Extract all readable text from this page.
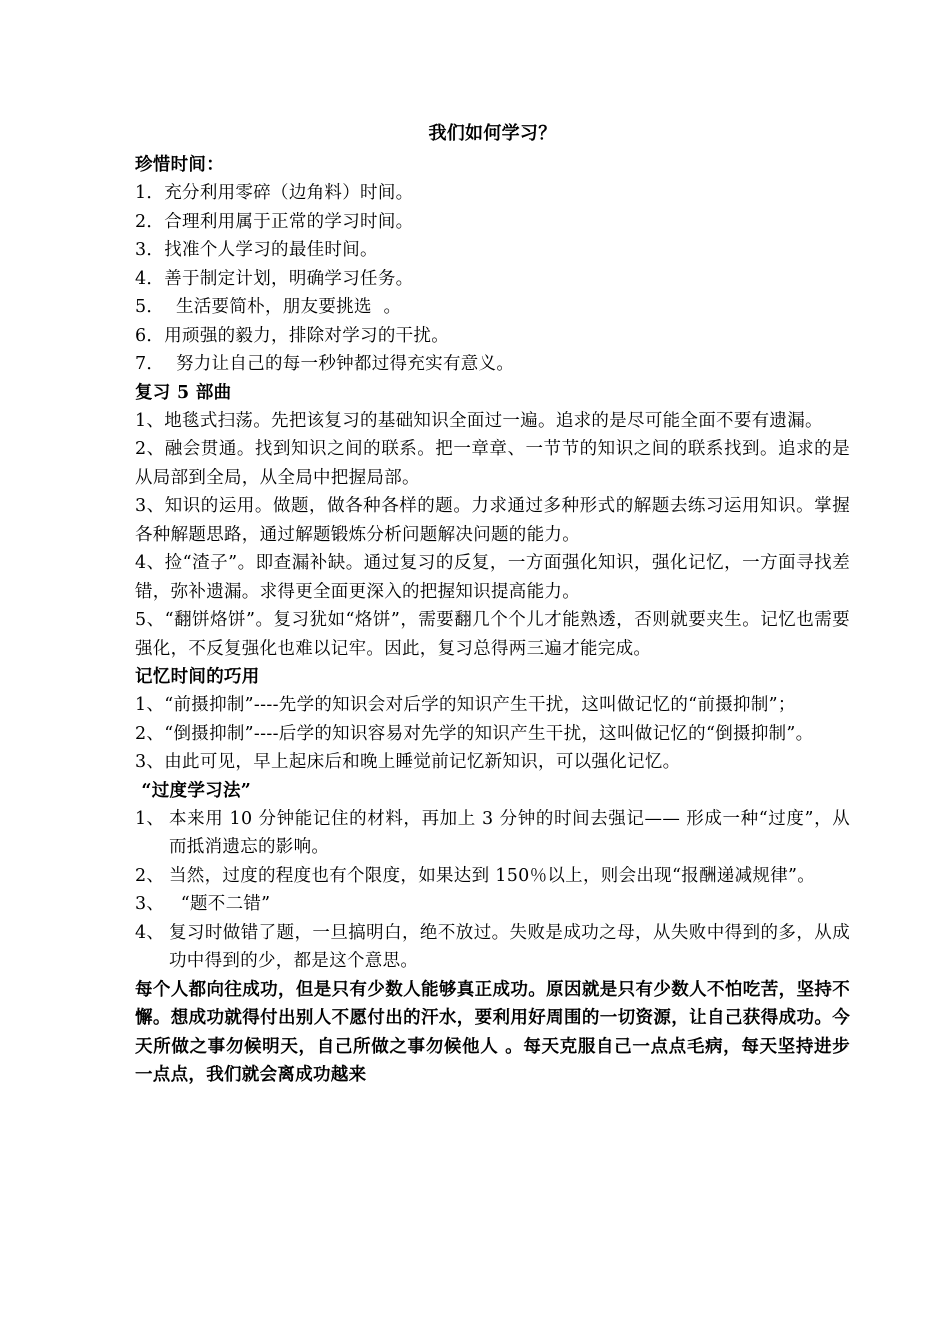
我们如何学习？

珍惜时间：

1．充分利用零碎（边角料）时间。

2．合理利用属于正常的学习时间。

3．找准个人学习的最佳时间。

4．善于制定计划，明确学习任务。

5．  生活要简朴，朋友要挑选  。

6．用顽强的毅力，排除对学习的干扰。

7．  努力让自己的每一秒钟都过得充实有意义。

复习 5 部曲

1、地毯式扫荡。先把该复习的基础知识全面过一遍。追求的是尽可能全面不要有遗漏。

2、融会贯通。找到知识之间的联系。把一章章、一节节的知识之间的联系找到。追求的是从局部到全局，从全局中把握局部。

3、知识的运用。做题，做各种各样的题。力求通过多种形式的解题去练习运用知识。掌握各种解题思路，通过解题锻炼分析问题解决问题的能力。

4、捡“渣子”。即查漏补缺。通过复习的反复，一方面强化知识，强化记忆，一方面寻找差错，弥补遗漏。求得更全面更深入的把握知识提高能力。

5、“翻饼烙饼”。复习犹如“烙饼”，需要翻几个个儿才能熟透，否则就要夹生。记忆也需要强化，不反复强化也难以记牢。因此，复习总得两三遍才能完成。

记忆时间的巧用

1、“前摄抑制”----先学的知识会对后学的知识产生干扰，这叫做记忆的“前摄抑制”；

2、“倒摄抑制”----后学的知识容易对先学的知识产生干扰，这叫做记忆的“倒摄抑制”。

3、由此可见，早上起床后和晚上睡觉前记忆新知识，可以强化记忆。

“过度学习法”

1、 本来用 10 分钟能记住的材料，再加上 3 分钟的时间去强记—— 形成一种“过度”，从而抵消遗忘的影响。
2、 当然，过度的程度也有个限度，如果达到 150％以上，则会出现“报酬递减规律”。
3、 “题不二错”
4、 复习时做错了题，一旦搞明白，绝不放过。失败是成功之母，从失败中得到的多，从成功中得到的少，都是这个意思。

每个人都向往成功，但是只有少数人能够真正成功。原因就是只有少数人不怕吃苦，坚持不懈。想成功就得付出别人不愿付出的汗水，要利用好周围的一切资源，让自己获得成功。今天所做之事勿候明天，自己所做之事勿候他人 。每天克服自己一点点毛病，每天坚持进步一点点，我们就会离成功越来
